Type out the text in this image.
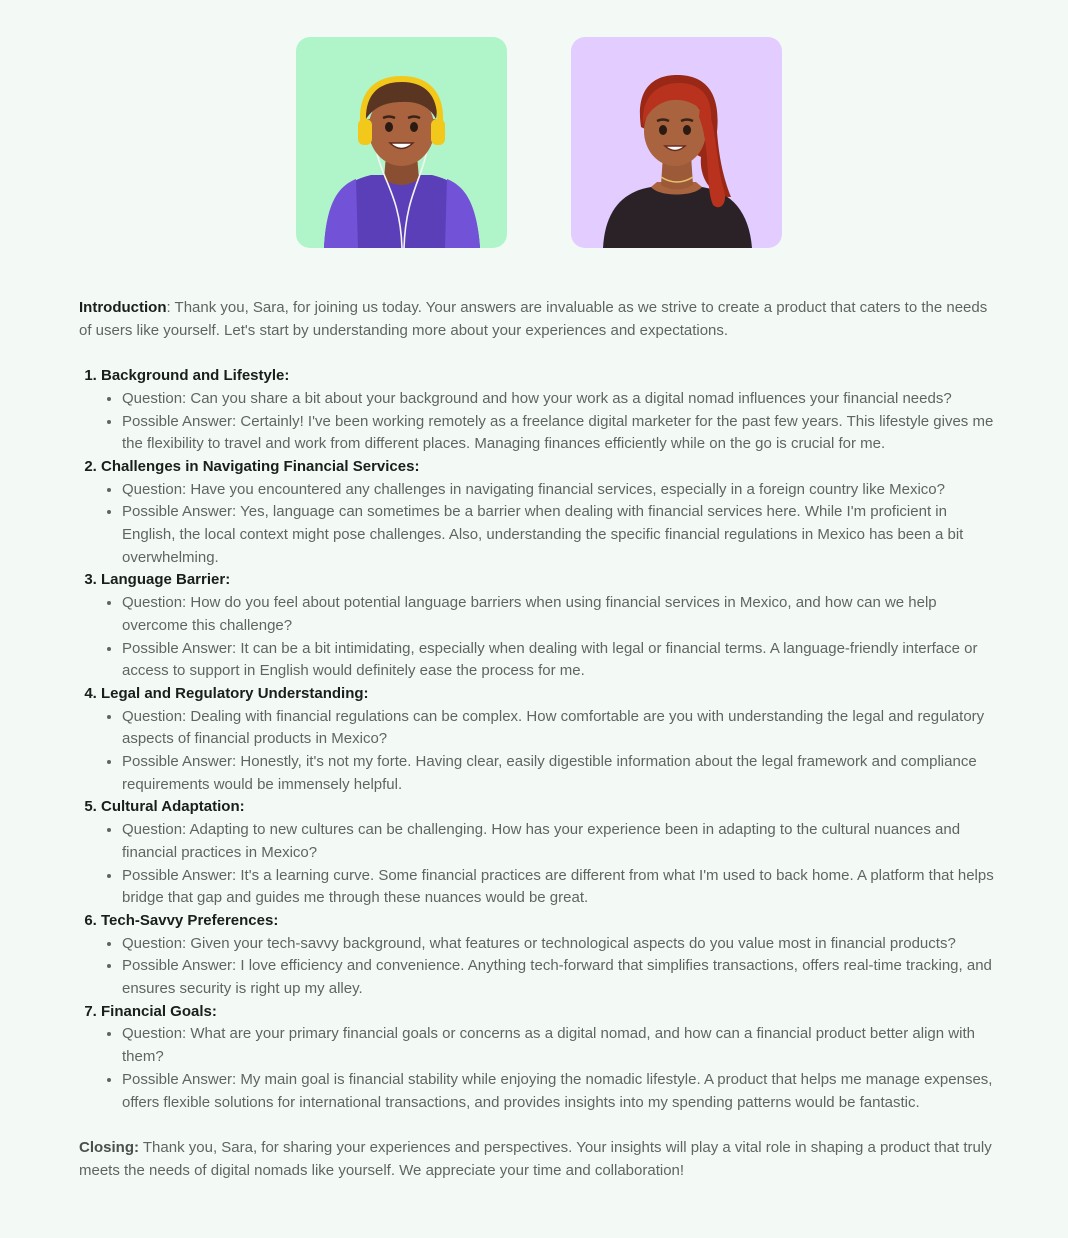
Introduction: Thank you, Sara, for joining us today. Your answers are invaluable as we strive to create a product that caters to the needs of users like yourself. Let's start by understanding more about your experiences and expectations.

1. Background and Lifestyle:
• Question: Can you share a bit about your background and how your work as a digital nomad influences your financial needs?
• Possible Answer: Certainly! I've been working remotely as a freelance digital marketer for the past few years. This lifestyle gives me the flexibility to travel and work from different places. Managing finances efficiently while on the go is crucial for me.
2. Challenges in Navigating Financial Services:
• Question: Have you encountered any challenges in navigating financial services, especially in a foreign country like Mexico?
• Possible Answer: Yes, language can sometimes be a barrier when dealing with financial services here. While I'm proficient in English, the local context might pose challenges. Also, understanding the specific financial regulations in Mexico has been a bit overwhelming.
3. Language Barrier:
• Question: How do you feel about potential language barriers when using financial services in Mexico, and how can we help overcome this challenge?
• Possible Answer: It can be a bit intimidating, especially when dealing with legal or financial terms. A language-friendly interface or access to support in English would definitely ease the process for me.
4. Legal and Regulatory Understanding:
• Question: Dealing with financial regulations can be complex. How comfortable are you with understanding the legal and regulatory aspects of financial products in Mexico?
• Possible Answer: Honestly, it's not my forte. Having clear, easily digestible information about the legal framework and compliance requirements would be immensely helpful.
5. Cultural Adaptation:
• Question: Adapting to new cultures can be challenging. How has your experience been in adapting to the cultural nuances and financial practices in Mexico?
• Possible Answer: It's a learning curve. Some financial practices are different from what I'm used to back home. A platform that helps bridge that gap and guides me through these nuances would be great.
6. Tech-Savvy Preferences:
• Question: Given your tech-savvy background, what features or technological aspects do you value most in financial products?
• Possible Answer: I love efficiency and convenience. Anything tech-forward that simplifies transactions, offers real-time tracking, and ensures security is right up my alley.
7. Financial Goals:
• Question: What are your primary financial goals or concerns as a digital nomad, and how can a financial product better align with them?
• Possible Answer: My main goal is financial stability while enjoying the nomadic lifestyle. A product that helps me manage expenses, offers flexible solutions for international transactions, and provides insights into my spending patterns would be fantastic.

Closing: Thank you, Sara, for sharing your experiences and perspectives. Your insights will play a vital role in shaping a product that truly meets the needs of digital nomads like yourself. We appreciate your time and collaboration!
